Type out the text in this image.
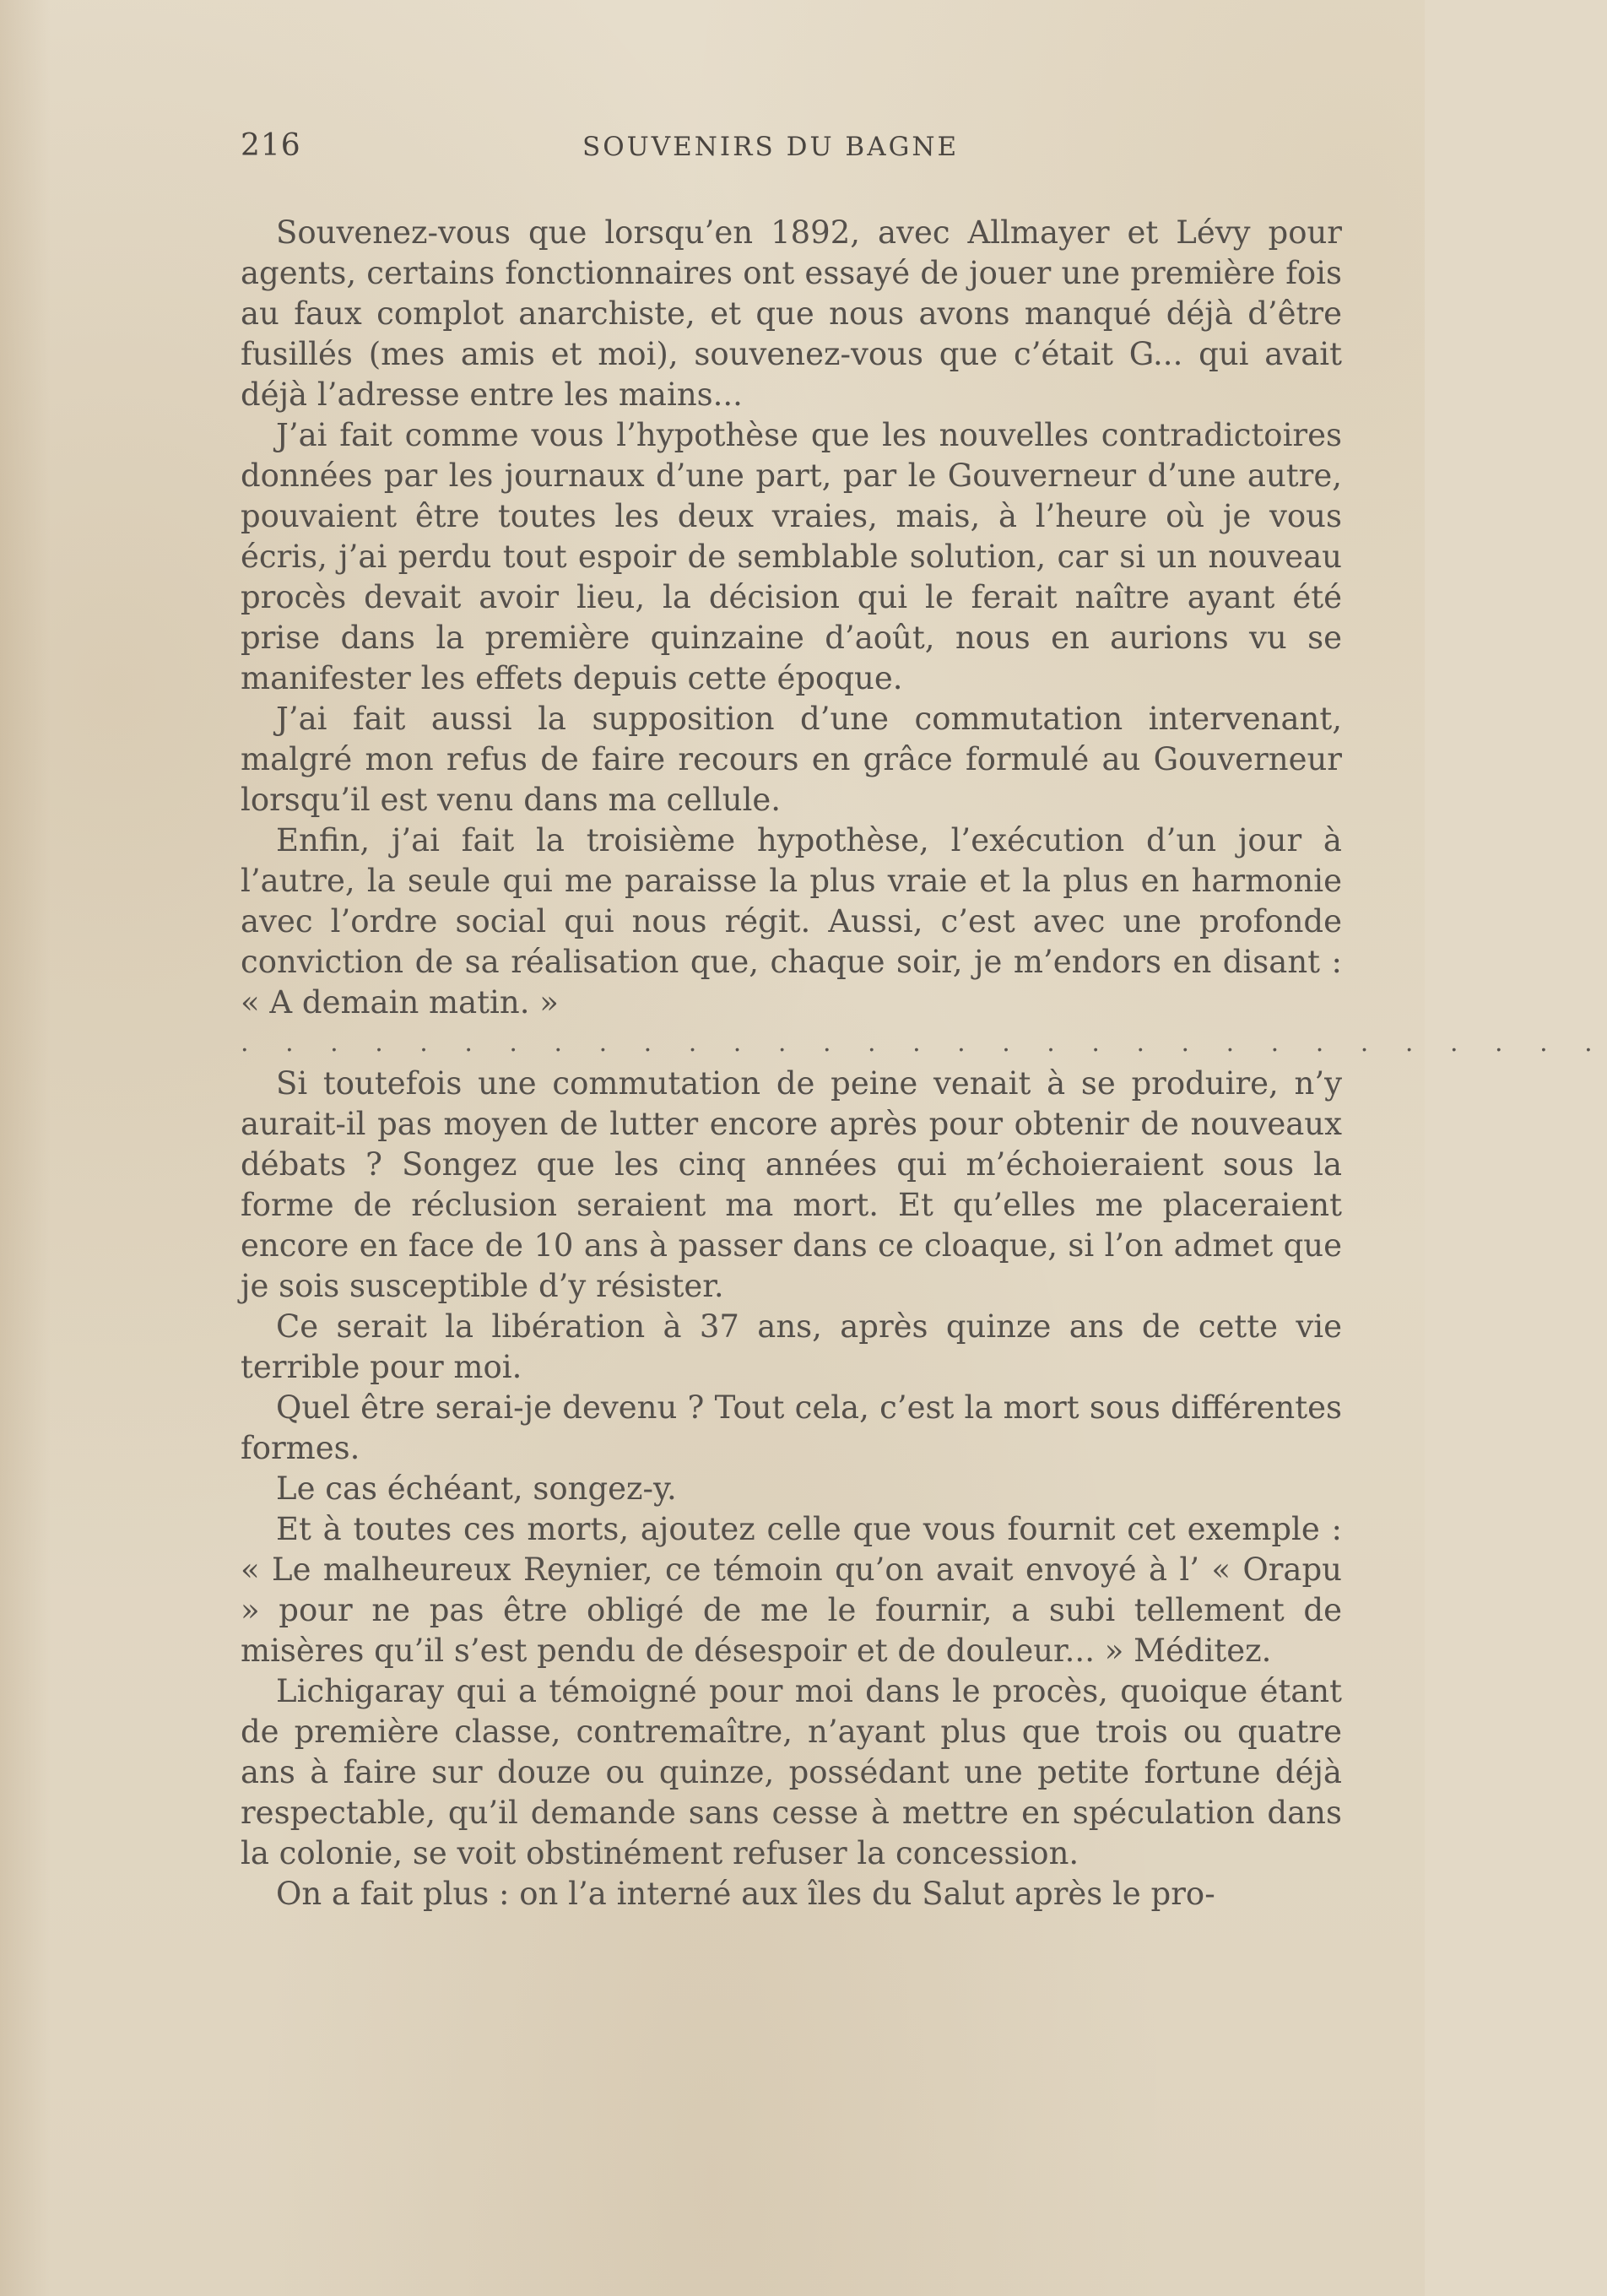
216	SOUVENIRS DU BAGNE

Souvenez-vous que lorsqu’en 1892, avec Allmayer et Lévy pour agents, certains fonctionnaires ont essayé de jouer une première fois au faux complot anarchiste, et que nous avons manqué déjà d’être fusillés (mes amis et moi), souvenez-vous que c’était G... qui avait déjà l’adresse entre les mains...

J’ai fait comme vous l’hypothèse que les nouvelles contradictoires données par les journaux d’une part, par le Gouverneur d’une autre, pouvaient être toutes les deux vraies, mais, à l’heure où je vous écris, j’ai perdu tout espoir de semblable solution, car si un nouveau procès devait avoir lieu, la décision qui le ferait naître ayant été prise dans la première quinzaine d’août, nous en aurions vu se manifester les effets depuis cette époque.

J’ai fait aussi la supposition d’une commutation intervenant, malgré mon refus de faire recours en grâce formulé au Gouverneur lorsqu’il est venu dans ma cellule.

Enfin, j’ai fait la troisième hypothèse, l’exécution d’un jour à l’autre, la seule qui me paraisse la plus vraie et la plus en harmonie avec l’ordre social qui nous régit. Aussi, c’est avec une profonde conviction de sa réalisation que, chaque soir, je m’endors en disant : « A demain matin. »

. . . . . . . . . . . . . . . . . . . . . . . . . . . . . . .

Si toutefois une commutation de peine venait à se produire, n’y aurait-il pas moyen de lutter encore après pour obtenir de nouveaux débats ? Songez que les cinq années qui m’échoieraient sous la forme de réclusion seraient ma mort. Et qu’elles me placeraient encore en face de 10 ans à passer dans ce cloaque, si l’on admet que je sois susceptible d’y résister.

Ce serait la libération à 37 ans, après quinze ans de cette vie terrible pour moi.

Quel être serai-je devenu ? Tout cela, c’est la mort sous différentes formes.

Le cas échéant, songez-y.

Et à toutes ces morts, ajoutez celle que vous fournit cet exemple : « Le malheureux Reynier, ce témoin qu’on avait envoyé à l’ « Orapu » pour ne pas être obligé de me le fournir, a subi tellement de misères qu’il s’est pendu de désespoir et de douleur... » Méditez.

Lichigaray qui a témoigné pour moi dans le procès, quoique étant de première classe, contremaître, n’ayant plus que trois ou quatre ans à faire sur douze ou quinze, possédant une petite fortune déjà respectable, qu’il demande sans cesse à mettre en spéculation dans la colonie, se voit obstinément refuser la concession.

On a fait plus : on l’a interné aux îles du Salut après le pro-
